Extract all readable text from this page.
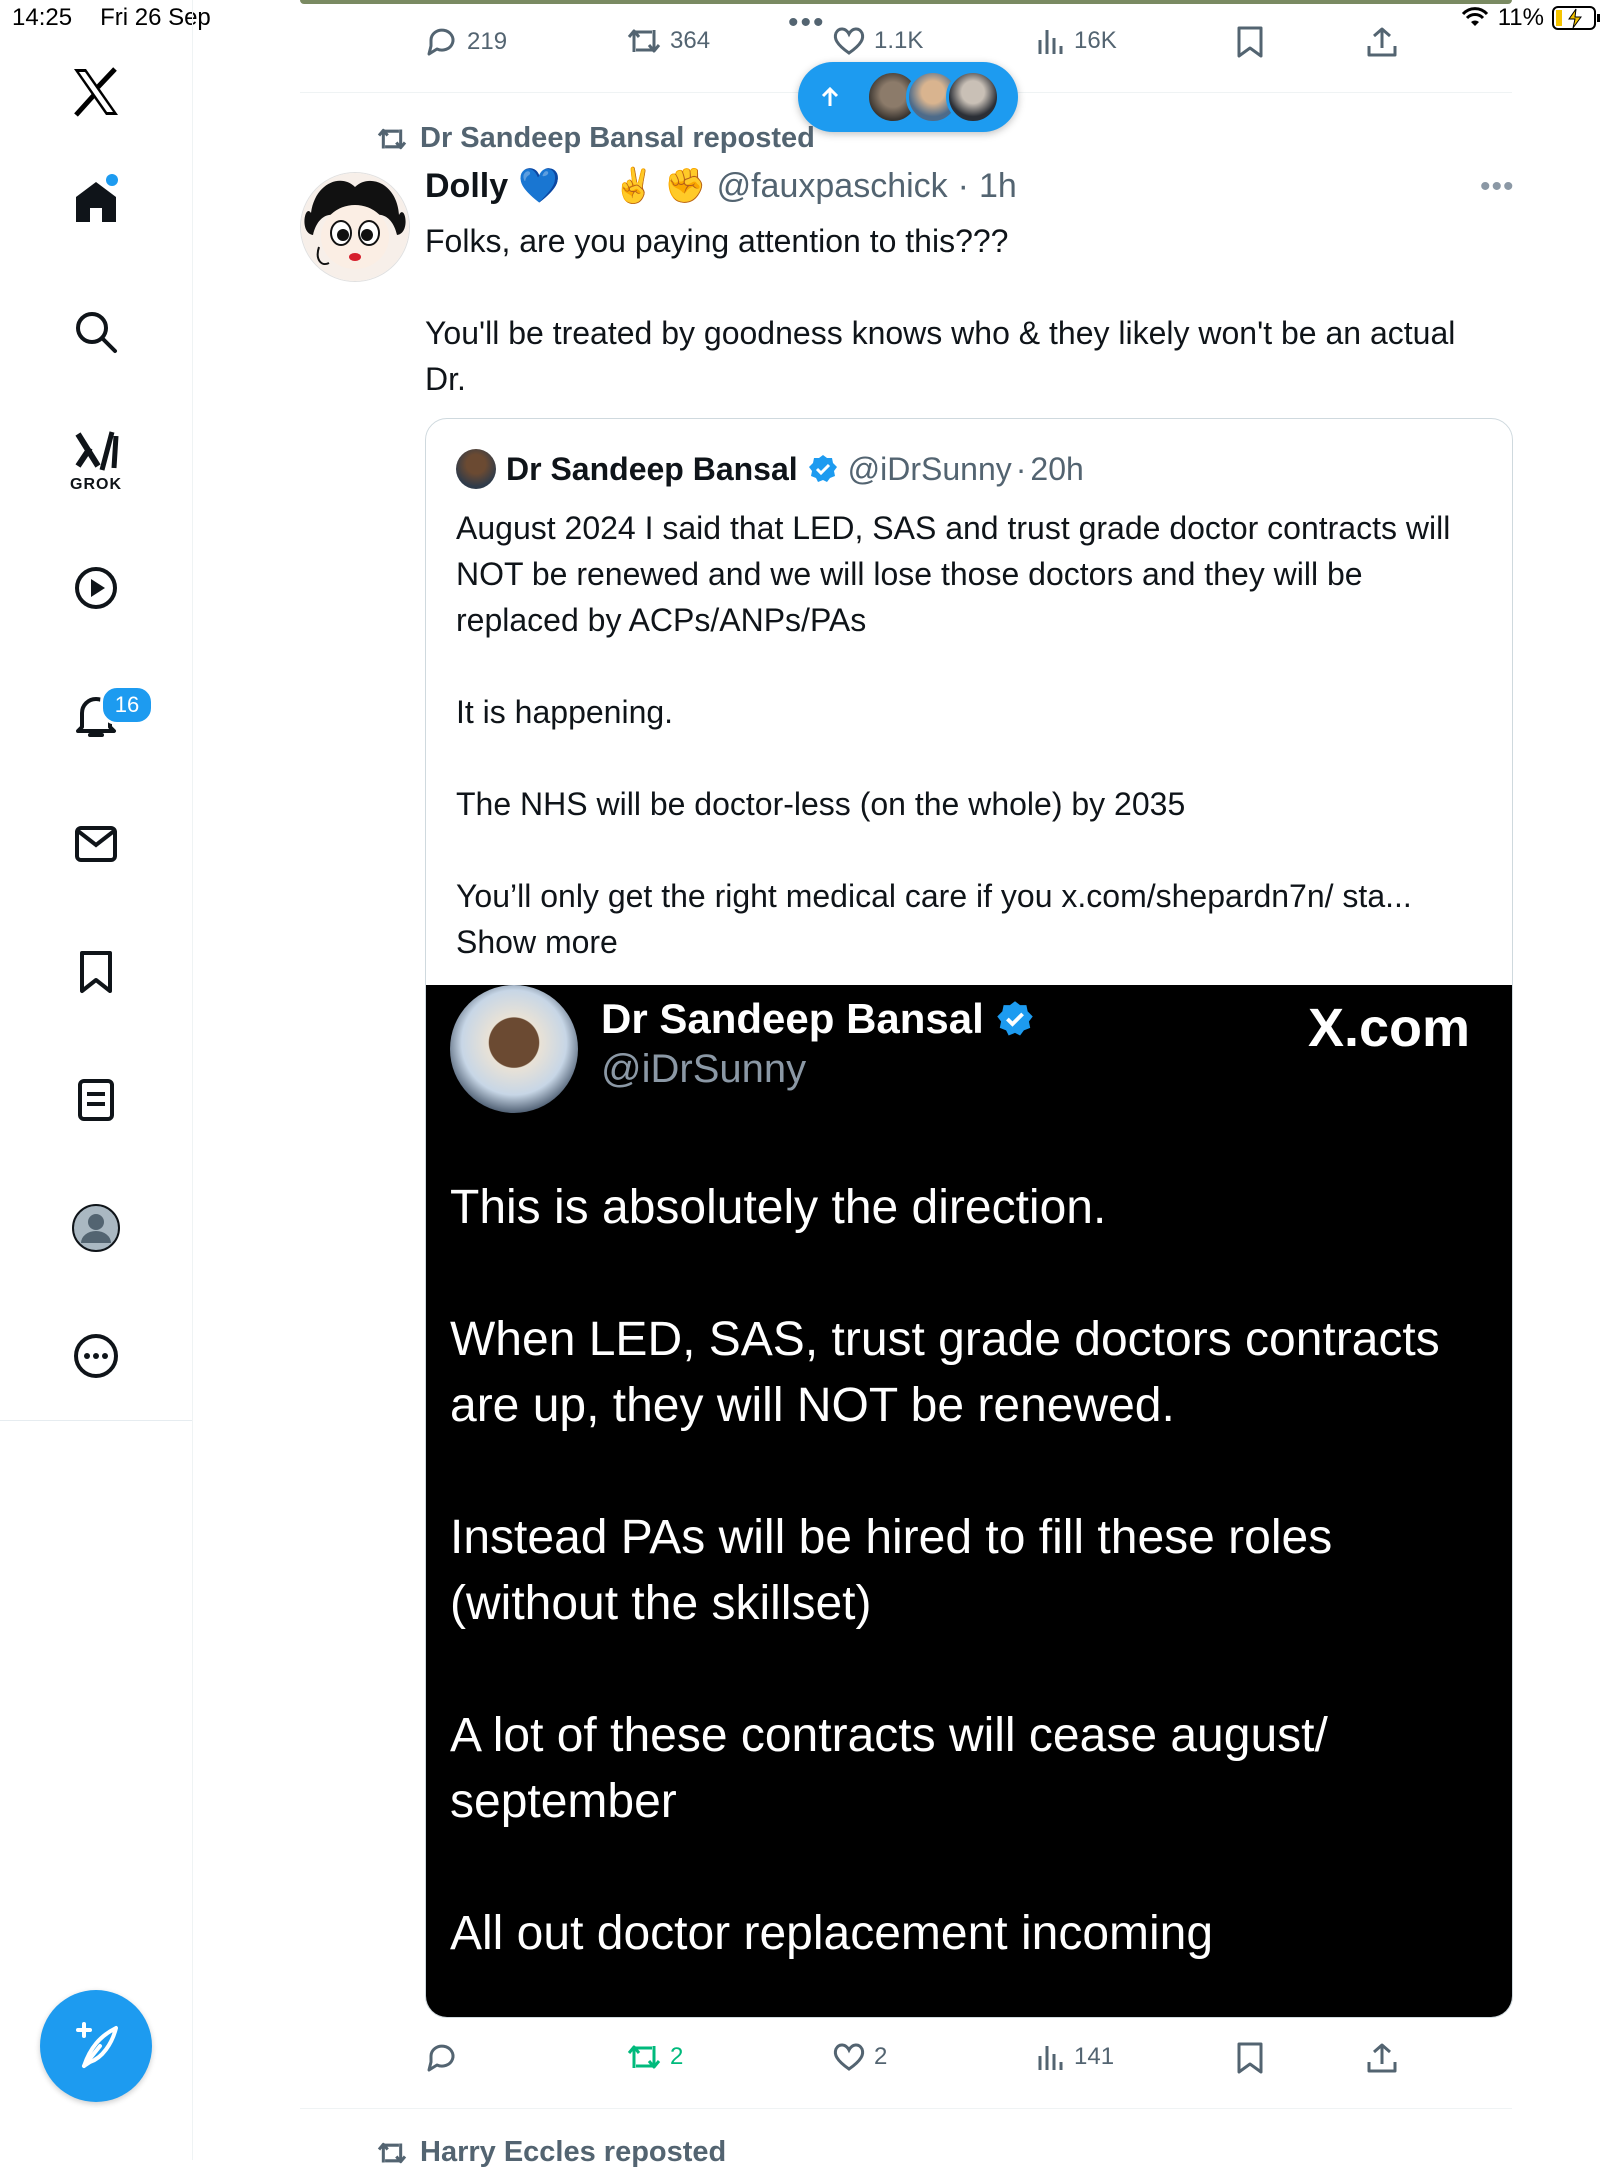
14:25 Fri 26 Sep	11%
GROK
16
•••
219	364	1.1K	16K
Dr Sandeep Bansal reposted
Dolly 💙 ✌️ ✊ @fauxpaschick · 1h	•••

Folks, are you paying attention to this???

You'll be treated by goodness knows who & they likely won't be an actual Dr.

Dr Sandeep Bansal @iDrSunny · 20h

August 2024 I said that LED, SAS and trust grade doctor contracts will NOT be renewed and we will lose those doctors and they will be replaced by ACPs/ANPs/PAs

It is happening.

The NHS will be doctor-less (on the whole) by 2035

You’ll only get the right medical care if you x.com/shepardn7n/ sta... Show more

Dr Sandeep Bansal
@iDrSunny
X.com

This is absolutely the direction.

When LED, SAS, trust grade doctors contracts are up, they will NOT be renewed.

Instead PAs will be hired to fill these roles (without the skillset)

A lot of these contracts will cease august/ september

All out doctor replacement incoming

2	2	141
Harry Eccles reposted
